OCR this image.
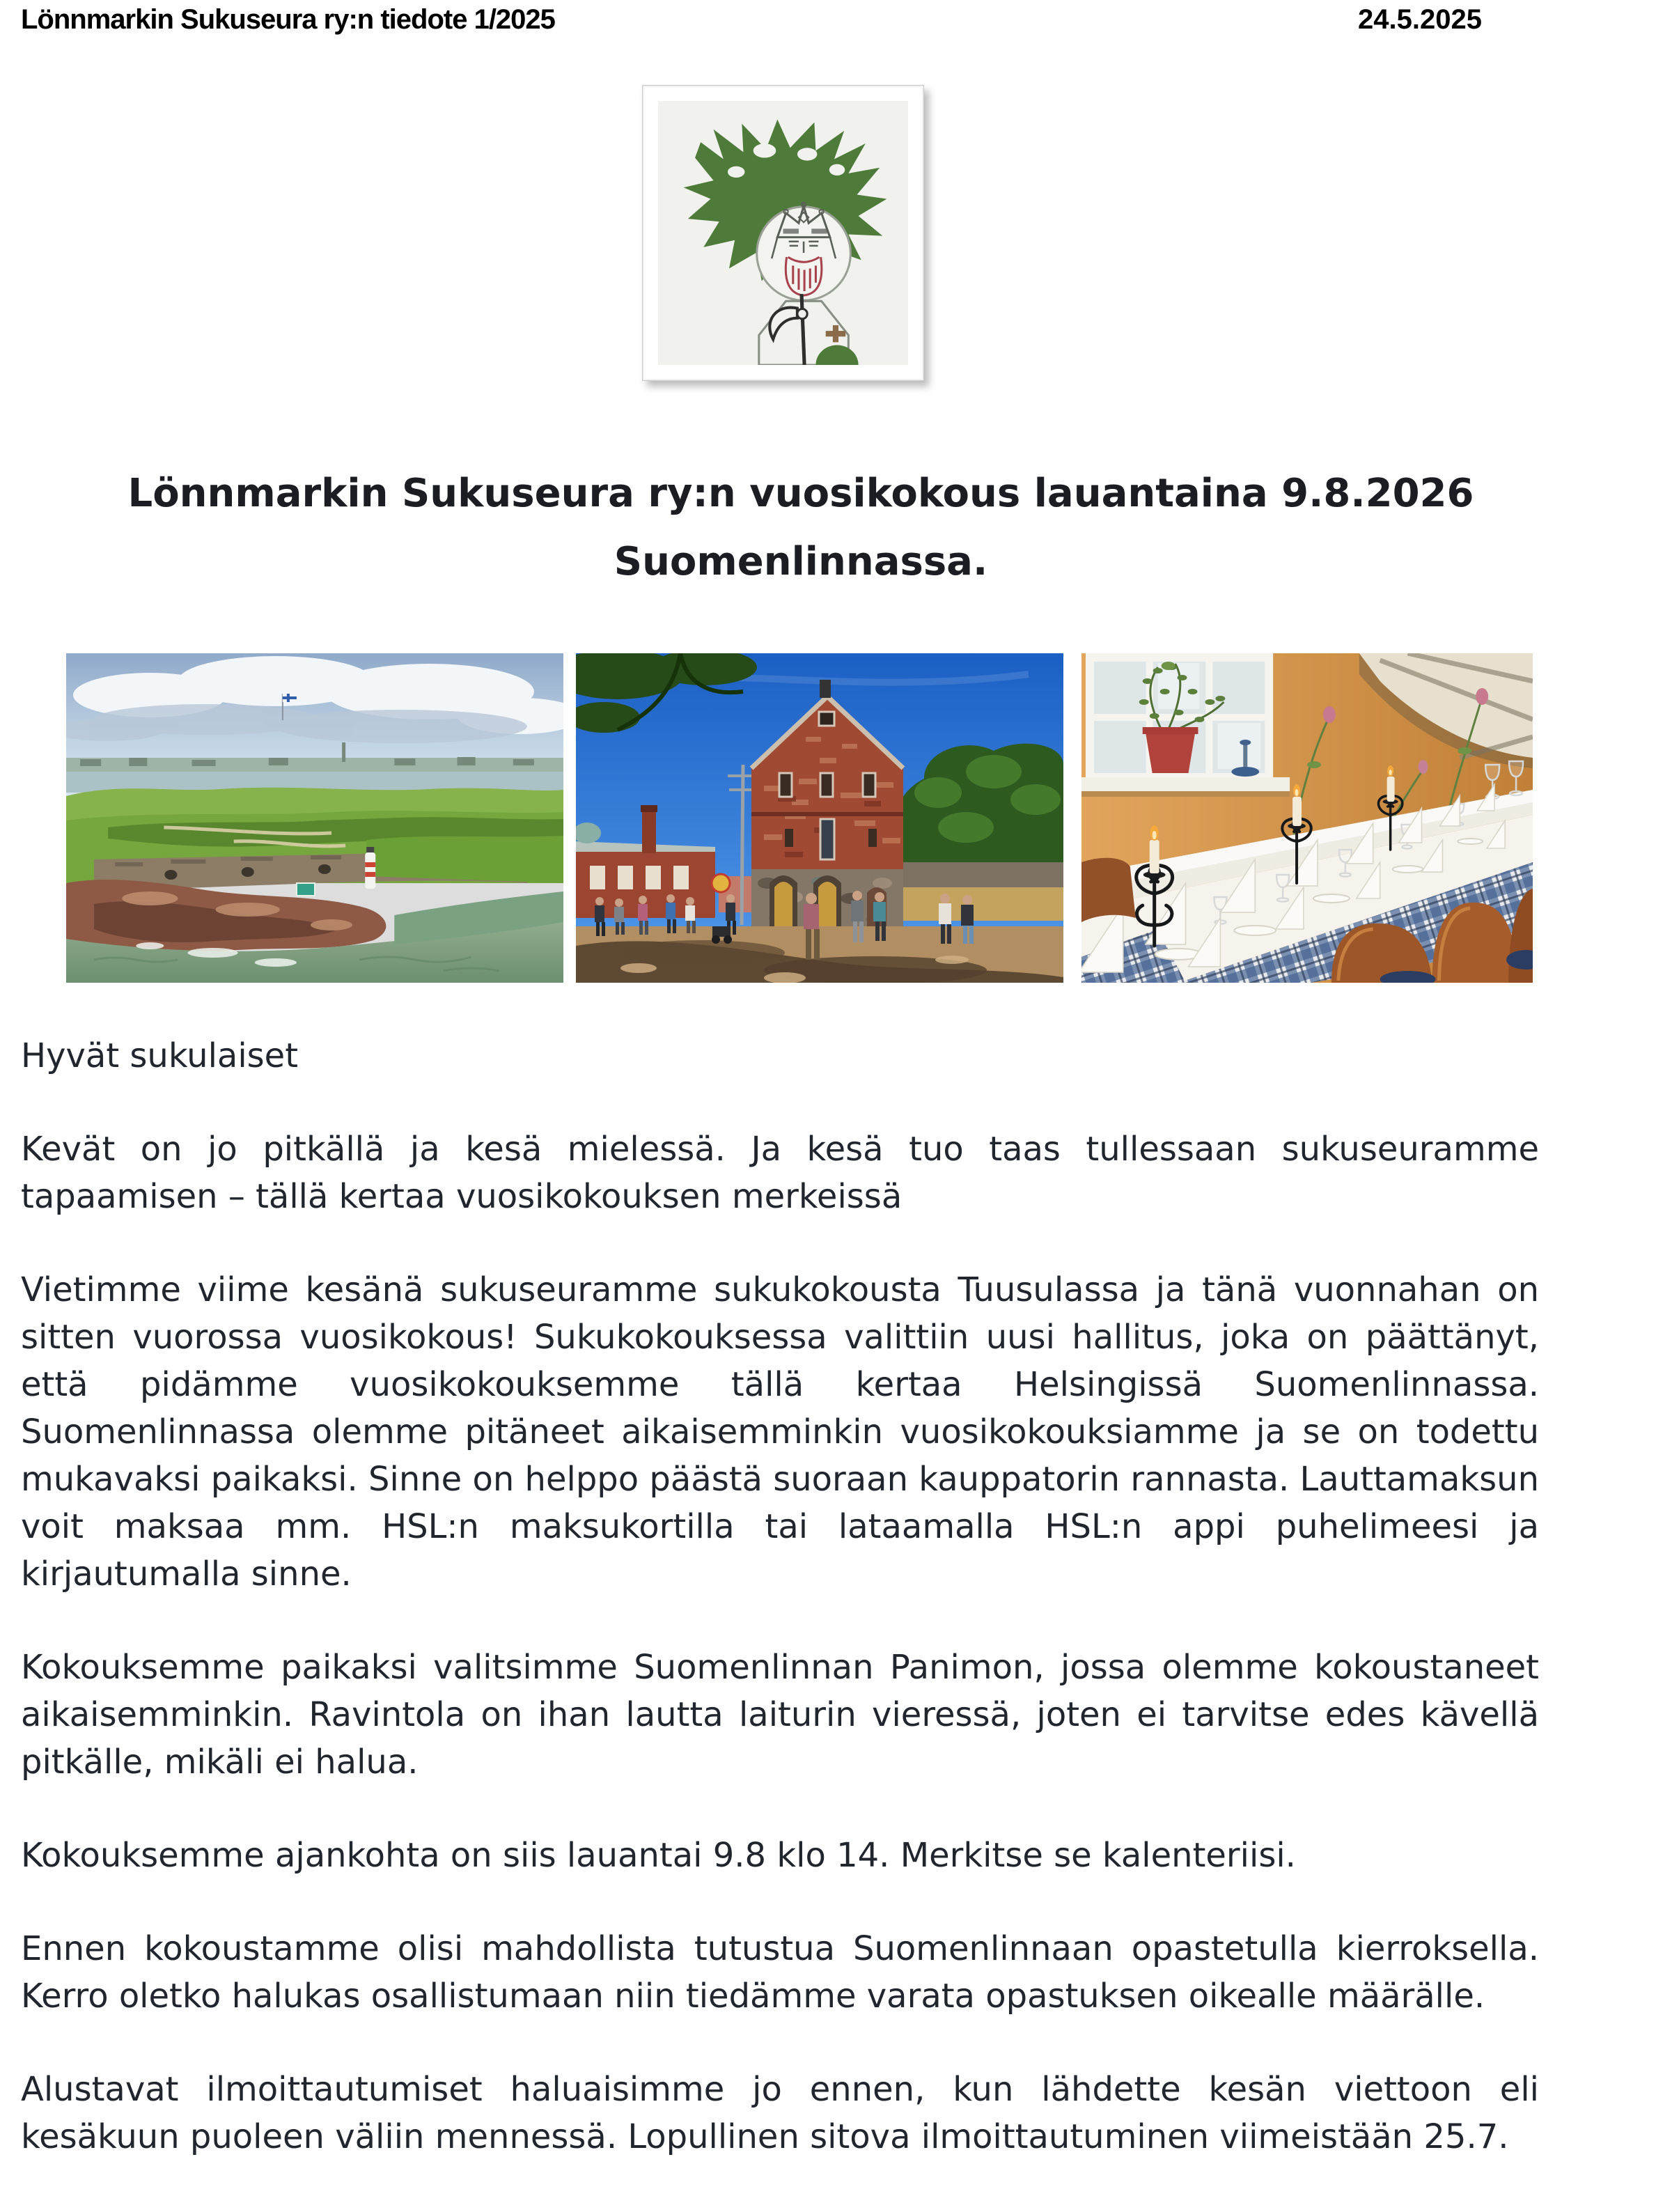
Lönnmarkin Sukuseura ry:n tiedote 1/2025	24.5.2025
Lönnmarkin Sukuseura ry:n vuosikokous lauantaina 9.8.2026
Suomenlinnassa.

Hyvät sukulaiset

Kevät on jo pitkällä ja kesä mielessä. Ja kesä tuo taas tullessaan sukuseuramme tapaamisen – tällä kertaa vuosikokouksen merkeissä

Vietimme viime kesänä sukuseuramme sukukokousta Tuusulassa ja tänä vuonnahan on sitten vuorossa vuosikokous! Sukukokouksessa valittiin uusi hallitus, joka on päättänyt, että pidämme vuosikokouksemme tällä kertaa Helsingissä Suomenlinnassa. Suomenlinnassa olemme pitäneet aikaisemminkin vuosikokouksiamme ja se on todettu mukavaksi paikaksi. Sinne on helppo päästä suoraan kauppatorin rannasta. Lauttamaksun voit maksaa mm. HSL:n maksukortilla tai lataamalla HSL:n appi puhelimeesi ja kirjautumalla sinne.

Kokouksemme paikaksi valitsimme Suomenlinnan Panimon, jossa olemme kokoustaneet aikaisemminkin. Ravintola on ihan lautta laiturin vieressä, joten ei tarvitse edes kävellä pitkälle, mikäli ei halua.

Kokouksemme ajankohta on siis lauantai 9.8 klo 14. Merkitse se kalenteriisi.

Ennen kokoustamme olisi mahdollista tutustua Suomenlinnaan opastetulla kierroksella. Kerro oletko halukas osallistumaan niin tiedämme varata opastuksen oikealle määrälle.

Alustavat ilmoittautumiset haluaisimme jo ennen, kun lähdette kesän viettoon eli kesäkuun puoleen väliin mennessä. Lopullinen sitova ilmoittautuminen viimeistään 25.7.
